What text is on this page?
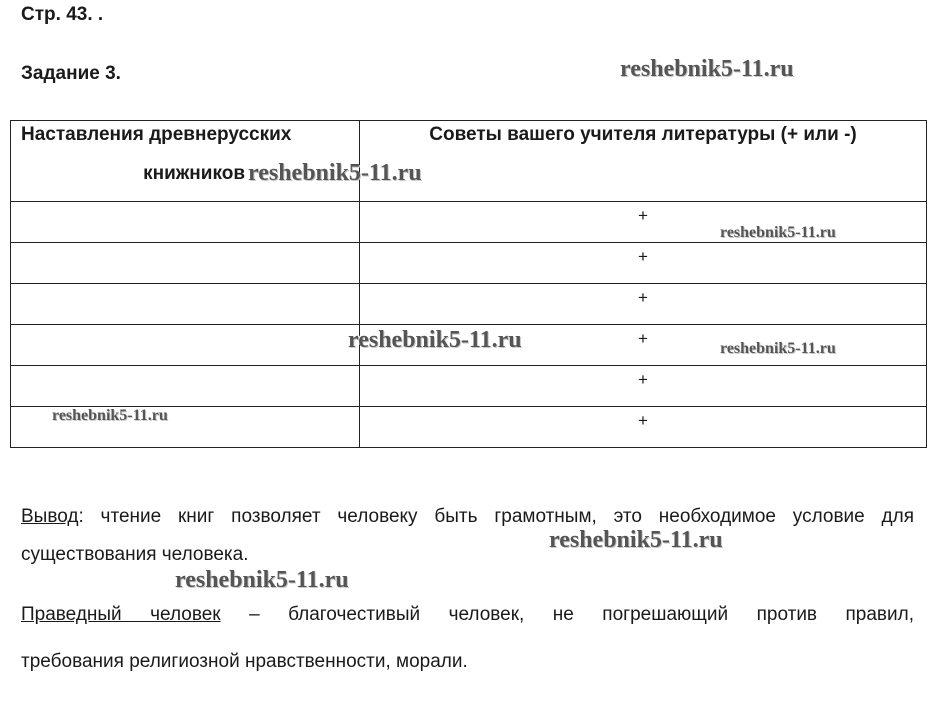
Стр. 43. .
Задание 3.
Наставления древнерусских
книжников	Советы вашего учителя литературы (+ или -)

	+
	+
	+
	+
	+
	+
Вывод: чтение книг позволяет человеку быть грамотным, это необходимое условие для существования человека.
Праведный человек – благочестивый человек, не погрешающий против правил,
требования религиозной нравственности, морали.
reshebnik5-11.ru
reshebnik5-11.ru
reshebnik5-11.ru
reshebnik5-11.ru	reshebnik5-11.ru
reshebnik5-11.ru
reshebnik5-11.ru
reshebnik5-11.ru
